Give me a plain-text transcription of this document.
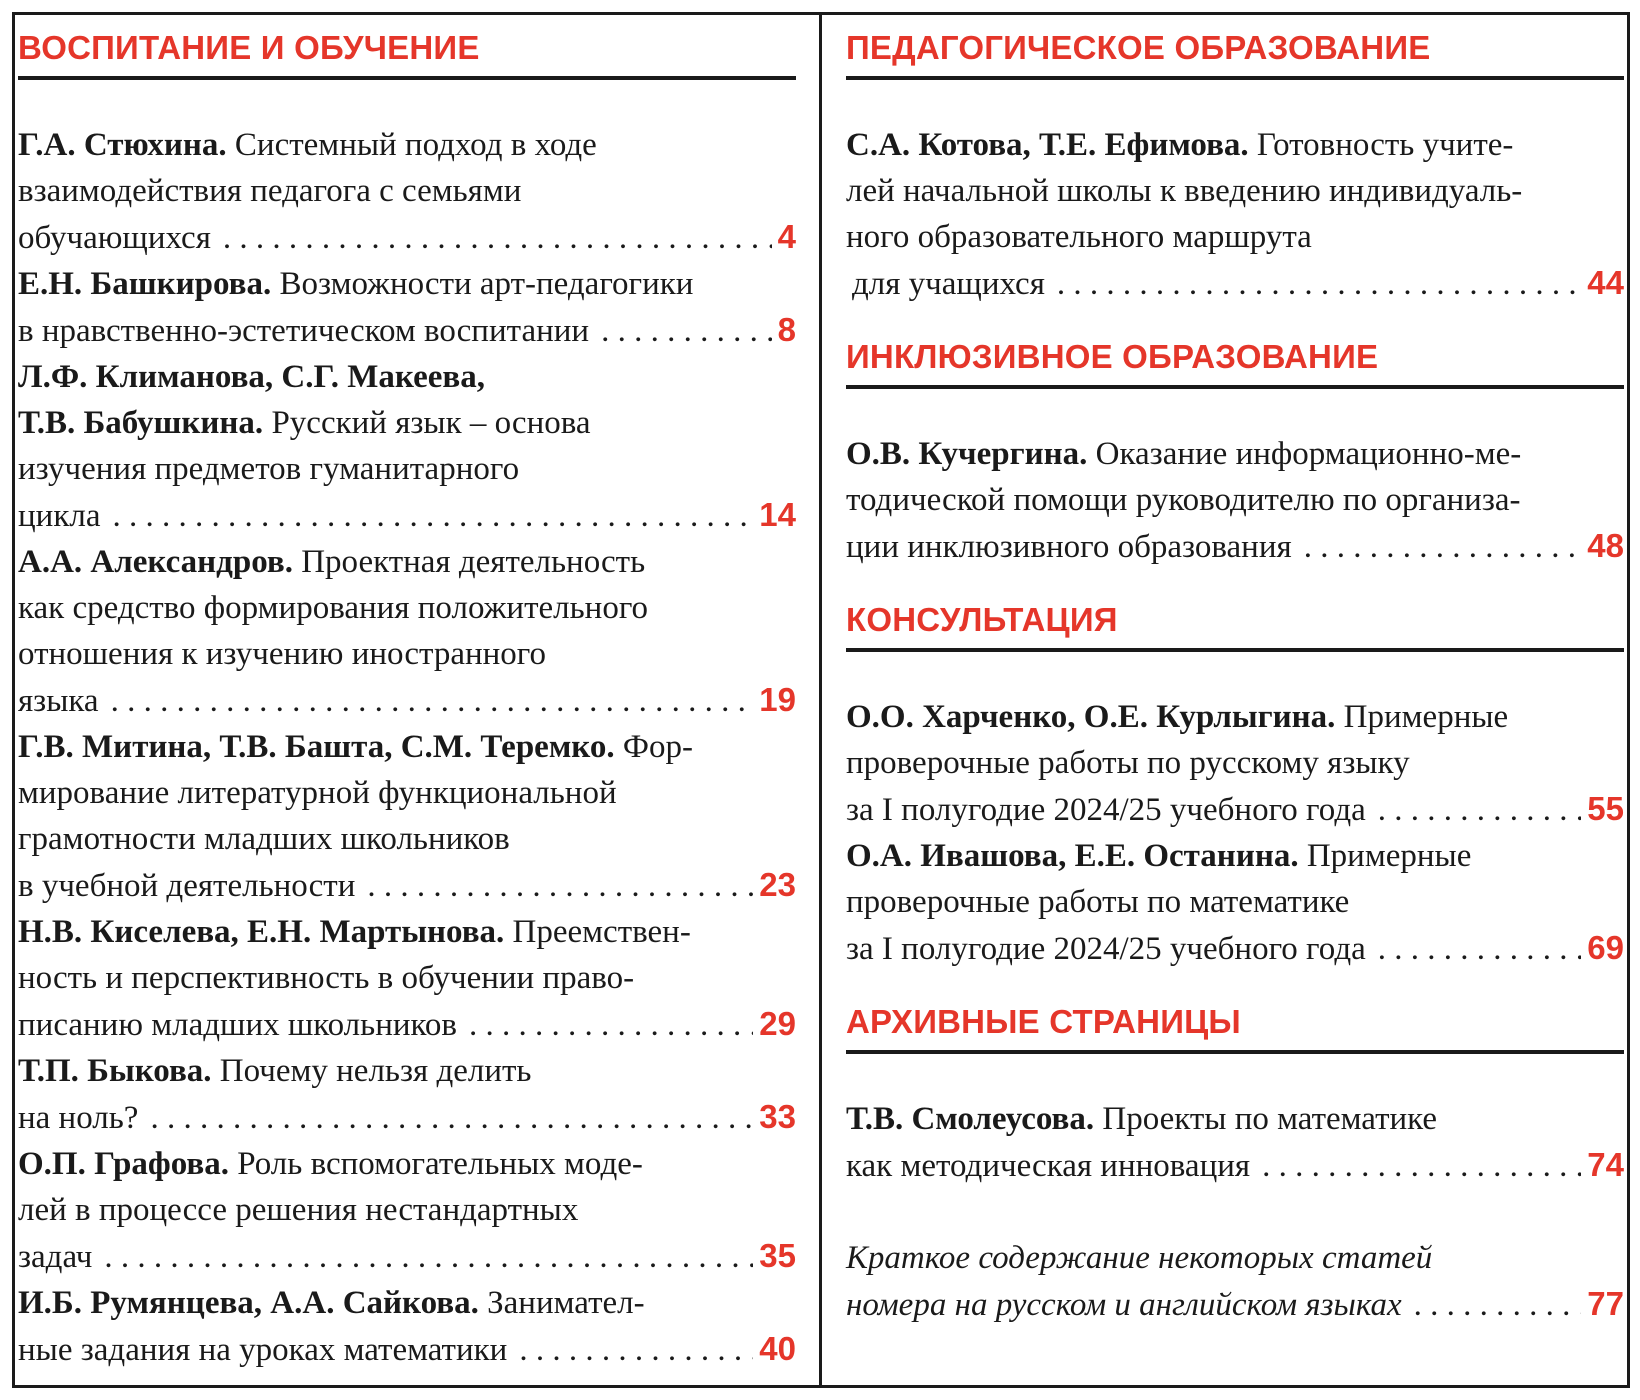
ВОСПИТАНИЕ И ОБУЧЕНИЕ
Г.А. Стюхина. Системный подход в ходе
взаимодействия педагога с семьями
обучающихся . . .	4
Е.Н. Башкирова. Возможности арт-педагогики
в нравственно-эстетическом воспитании . . .	8
Л.Ф. Климанова, С.Г. Макеева,
Т.В. Бабушкина. Русский язык – основа
изучения предметов гуманитарного
цикла . . .	14
А.А. Александров. Проектная деятельность
как средство формирования положительного
отношения к изучению иностранного
языка . . .	19
Г.В. Митина, Т.В. Башта, С.М. Теремко. Фор-
мирование литературной функциональной
грамотности младших школьников
в учебной деятельности . . .	23
Н.В. Киселева, Е.Н. Мартынова. Преемствен-
ность и перспективность в обучении право-
писанию младших школьников . . .	29
Т.П. Быкова. Почему нельзя делить
на ноль? . . .	33
О.П. Графова. Роль вспомогательных моде-
лей в процессе решения нестандартных
задач . . .	35
И.Б. Румянцева, А.А. Сайкова. Занимател-
ные задания на уроках математики . . .	40
ПЕДАГОГИЧЕСКОЕ ОБРАЗОВАНИЕ
С.А. Котова, Т.Е. Ефимова. Готовность учите-
лей начальной школы к введению индивидуаль-
ного образовательного маршрута
для учащихся . . .	44
ИНКЛЮЗИВНОЕ ОБРАЗОВАНИЕ
О.В. Кучергина. Оказание информационно-ме-
тодической помощи руководителю по организа-
ции инклюзивного образования . . .	48
КОНСУЛЬТАЦИЯ
О.О. Харченко, О.Е. Курлыгина. Примерные
проверочные работы по русскому языку
за I полугодие 2024/25 учебного года . . .	55
О.А. Ивашова, Е.Е. Останина. Примерные
проверочные работы по математике
за I полугодие 2024/25 учебного года . . .	69
АРХИВНЫЕ СТРАНИЦЫ
Т.В. Смолеусова. Проекты по математике
как методическая инновация . . .	74
Краткое содержание некоторых статей
номера на русском и английском языках . . .	77
